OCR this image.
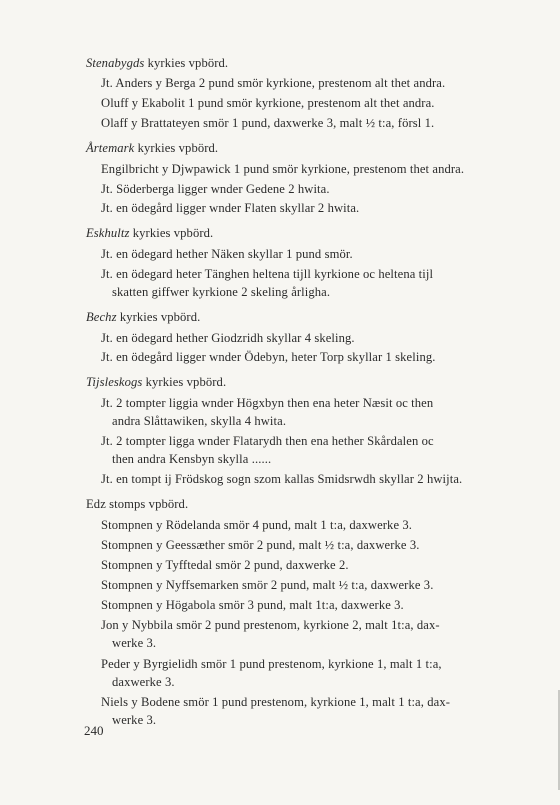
Stenabygds kyrkies vpbörd.
Jt. Anders y Berga 2 pund smör kyrkione, prestenom alt thet andra.
Oluff y Ekabolit 1 pund smör kyrkione, prestenom alt thet andra.
Olaff y Brattateyen smör 1 pund, daxwerke 3, malt ½ t:a, försl 1.
Årtemark kyrkies vpbörd.
Engilbricht y Djwpawick 1 pund smör kyrkione, prestenom thet andra.
Jt. Söderberga ligger wnder Gedene 2 hwita.
Jt. en ödegård ligger wnder Flaten skyllar 2 hwita.
Eskhultz kyrkies vpbörd.
Jt. en ödegard hether Näken skyllar 1 pund smör.
Jt. en ödegard heter Tänghen heltena tijll kyrkione oc heltena tijl
skatten giffwer kyrkione 2 skeling årligha.
Bechz kyrkies vpbörd.
Jt. en ödegard hether Giodzridh skyllar 4 skeling.
Jt. en ödegård ligger wnder Ödebyn, heter Torp skyllar 1 skeling.
Tijsleskogs kyrkies vpbörd.
Jt. 2 tompter liggia wnder Högxbyn then ena heter Næsit oc then
andra Slåttawiken, skylla 4 hwita.
Jt. 2 tompter ligga wnder Flatarydh then ena hether Skårdalen oc
then andra Kensbyn skylla ......
Jt. en tompt ij Frödskog sogn szom kallas Smidsrwdh skyllar 2 hwijta.
Edz stomps vpbörd.
Stompnen y Rödelanda smör 4 pund, malt 1 t:a, daxwerke 3.
Stompnen y Geessæther smör 2 pund, malt ½ t:a, daxwerke 3.
Stompnen y Tyfftedal smör 2 pund, daxwerke 2.
Stompnen y Nyffsemarken smör 2 pund, malt ½ t:a, daxwerke 3.
Stompnen y Högabola smör 3 pund, malt 1t:a, daxwerke 3.
Jon y Nybbila smör 2 pund prestenom, kyrkione 2, malt 1t:a, dax-
werke 3.
Peder y Byrgielidh smör 1 pund prestenom, kyrkione 1, malt 1 t:a,
daxwerke 3.
Niels y Bodene smör 1 pund prestenom, kyrkione 1, malt 1 t:a, dax-
werke 3.
240
